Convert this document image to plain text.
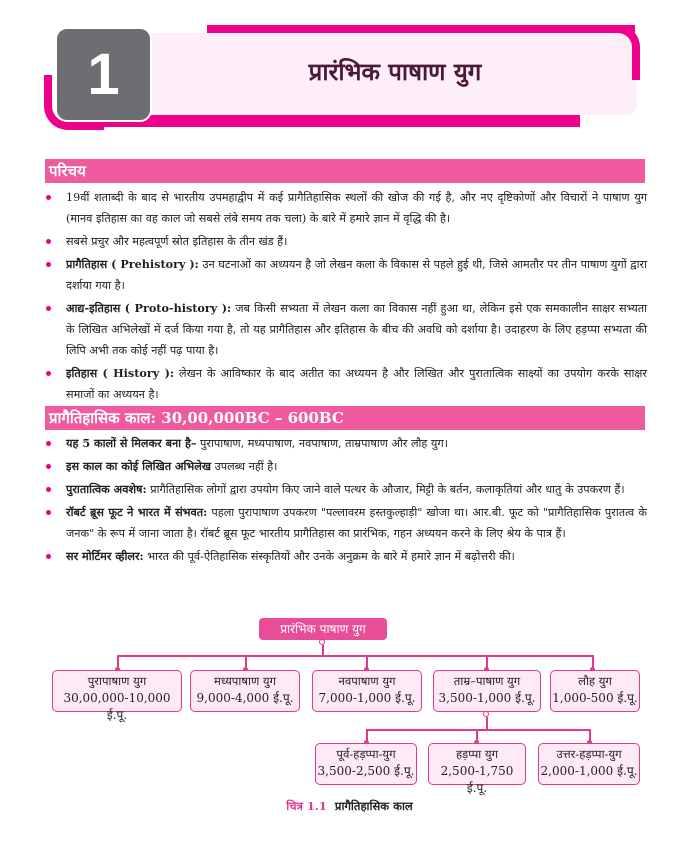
1	प्रारंभिक पाषाण युग
परिचय
19वीं शताब्दी के बाद से भारतीय उपमहाद्वीप में कई प्रागैतिहासिक स्थलों की खोज की गई है, और नए दृष्टिकोणों और विचारों ने पाषाण युग (मानव इतिहास का वह काल जो सबसे लंबे समय तक चला) के बारे में हमारे ज्ञान में वृद्धि की है।
सबसे प्रचुर और महत्वपूर्ण स्रोत इतिहास के तीन खंड हैं।
प्रागैतिहास ( Prehistory ): उन घटनाओं का अध्ययन है जो लेखन कला के विकास से पहले हुई थी, जिसे आमतौर पर तीन पाषाण युगों द्वारा दर्शाया गया है।
आद्य-इतिहास ( Proto-history ): जब किसी सभ्यता में लेखन कला का विकास नहीं हुआ था, लेकिन इसे एक समकालीन साक्षर सभ्यता के लिखित अभिलेखों में दर्ज किया गया है, तो यह प्रागैतिहास और इतिहास के बीच की अवधि को दर्शाया है। उदाहरण के लिए हड़प्पा सभ्यता की लिपि अभी तक कोई नहीं पढ़ पाया है।
इतिहास ( History ): लेखन के आविष्कार के बाद अतीत का अध्ययन है और लिखित और पुरातात्विक साक्ष्यों का उपयोग करके साक्षर समाजों का अध्ययन है।
प्रागैतिहासिक काल: 30,00,000BC – 600BC
यह 5 कालों से मिलकर बना है– पुरापाषाण, मध्यपाषाण, नवपाषाण, ताम्रपाषाण और लौह युग।
इस काल का कोई लिखित अभिलेख उपलब्ध नहीं है।
पुरातात्विक अवशेष: प्रागैतिहासिक लोगों द्वारा उपयोग किए जाने वाले पत्थर के औजार, मिट्टी के बर्तन, कलाकृतियां और धातु के उपकरण हैं।
रॉबर्ट ब्रूस फूट ने भारत में संभवत: पहला पुरापाषाण उपकरण "पल्लावरम हस्तकुल्हाड़ी" खोजा था। आर.बी. फूट को "प्रागैतिहासिक पुरातत्व के जनक" के रूप में जाना जाता है। रॉबर्ट ब्रूस फूट भारतीय प्रागैतिहास का प्रारंभिक, गहन अध्ययन करने के लिए श्रेय के पात्र हैं।
सर मोर्टिमर व्हीलर: भारत की पूर्व-ऐतिहासिक संस्कृतियों और उनके अनुक्रम के बारे में हमारे ज्ञान में बढ़ोत्तरी की।
प्रारंभिक पाषाण युग
पुरापाषाण युग
30,00,000-10,000 ई.पू.
मध्यपाषाण युग
9,000-4,000 ई.पू.
नवपाषाण युग
7,000-1,000 ई.पू.
ताम्र–पाषाण युग
3,500-1,000 ई.पू.
लौह युग
1,000-500 ई.पू.
पूर्व-हड़प्पा-युग
3,500-2,500 ई.पू.
हड़प्पा युग
2,500-1,750 ई.पू.
उत्तर-हड़प्पा-युग
2,000-1,000 ई.पू.
चित्र 1.1 प्रागैतिहासिक काल
